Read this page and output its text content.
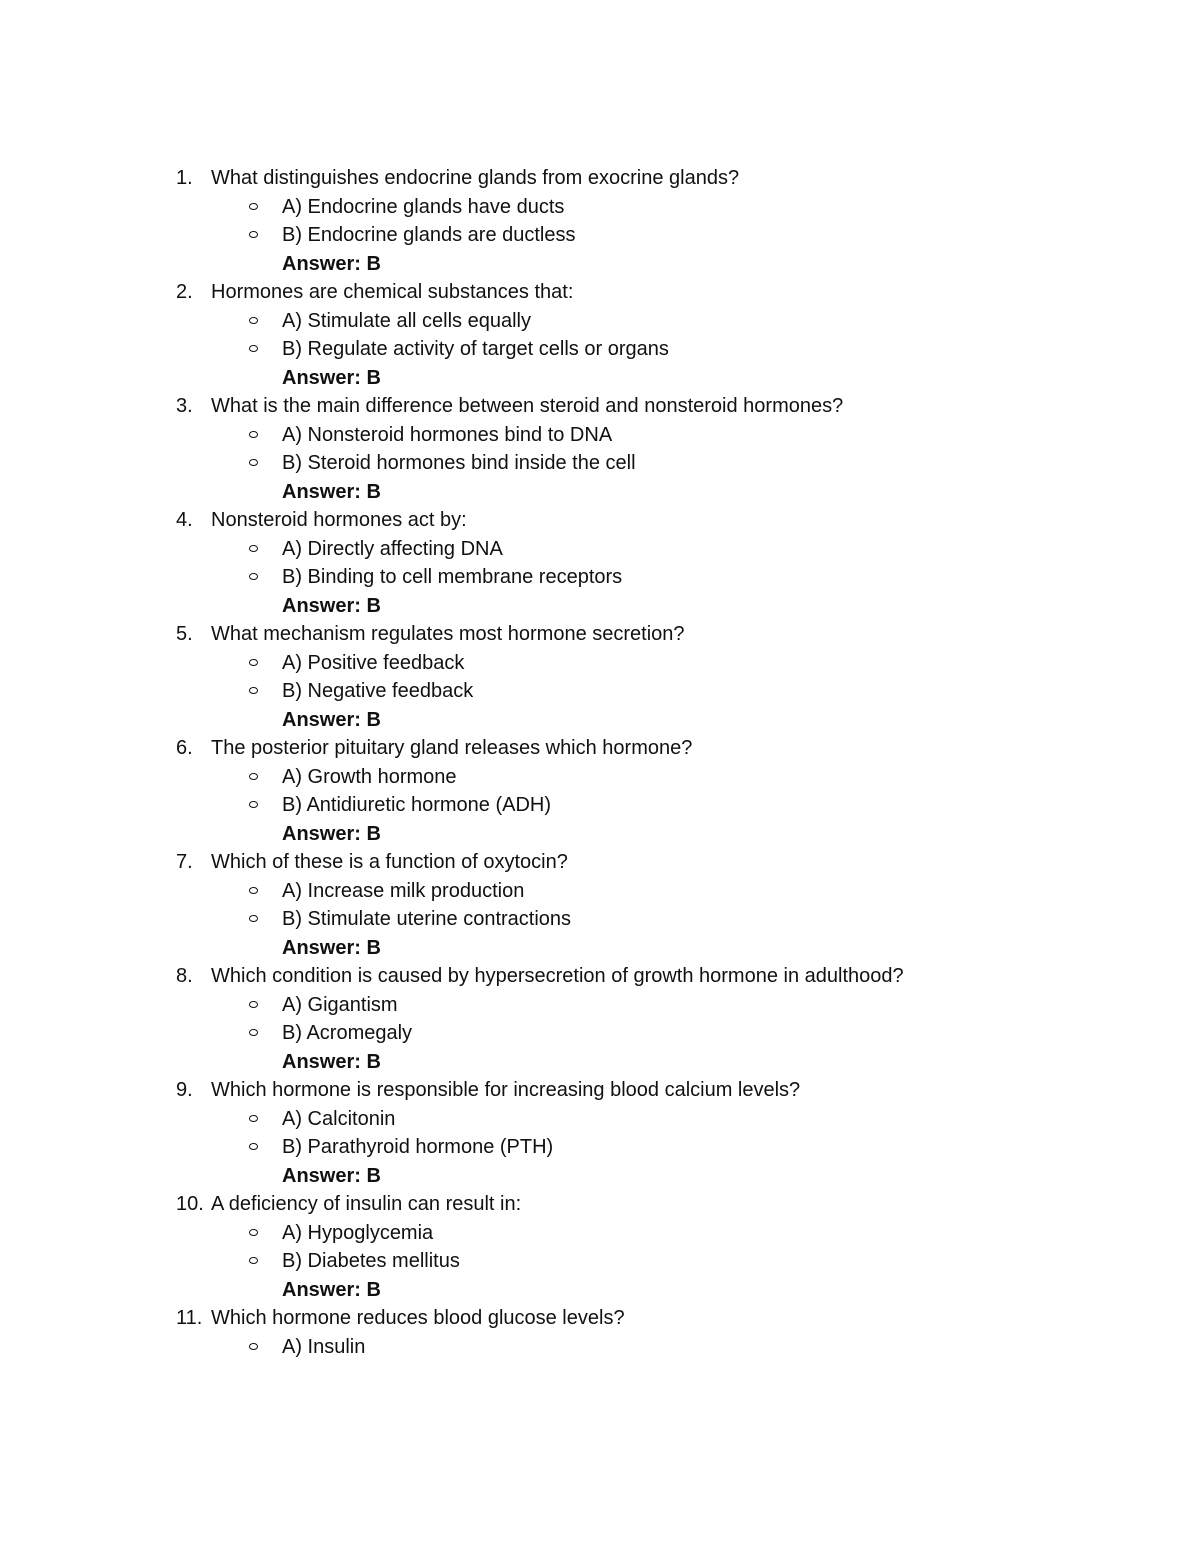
1. What distinguishes endocrine glands from exocrine glands?
A) Endocrine glands have ducts
B) Endocrine glands are ductless
Answer: B
2. Hormones are chemical substances that:
A) Stimulate all cells equally
B) Regulate activity of target cells or organs
Answer: B
3. What is the main difference between steroid and nonsteroid hormones?
A) Nonsteroid hormones bind to DNA
B) Steroid hormones bind inside the cell
Answer: B
4. Nonsteroid hormones act by:
A) Directly affecting DNA
B) Binding to cell membrane receptors
Answer: B
5. What mechanism regulates most hormone secretion?
A) Positive feedback
B) Negative feedback
Answer: B
6. The posterior pituitary gland releases which hormone?
A) Growth hormone
B) Antidiuretic hormone (ADH)
Answer: B
7. Which of these is a function of oxytocin?
A) Increase milk production
B) Stimulate uterine contractions
Answer: B
8. Which condition is caused by hypersecretion of growth hormone in adulthood?
A) Gigantism
B) Acromegaly
Answer: B
9. Which hormone is responsible for increasing blood calcium levels?
A) Calcitonin
B) Parathyroid hormone (PTH)
Answer: B
10. A deficiency of insulin can result in:
A) Hypoglycemia
B) Diabetes mellitus
Answer: B
11. Which hormone reduces blood glucose levels?
A) Insulin
